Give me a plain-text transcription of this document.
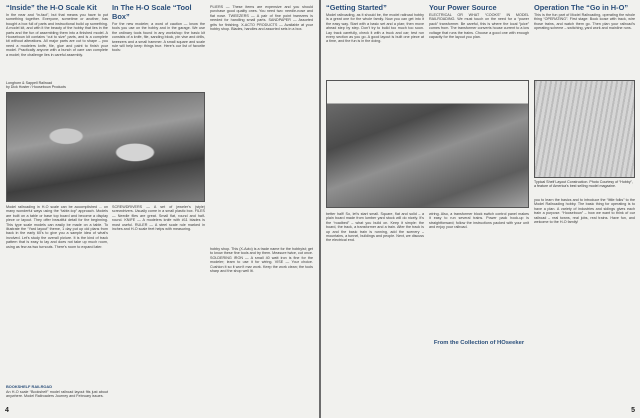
“Inside” the H-O Scale Kit
In the near and “in-fact”, but that means you have to put something together. Everyone, sometime or another, has bought a box full of parts and instructional build up something. A model kit, and with it the beauty of the hobby that lies in the parts and the fun of assembling them into a finished model. A Hooseboun kit contains “cut to size” parts, and is a complete kit without alterations. All major parts are cut to shape – you need a modelers knife, file, glue and paint to finish your model. Practically anyone with a bunch of care can complete a model; the challenge lies in careful assembly.
Longhorn & Sappell Railroad
by Dick Hoster / Hooseboun Products
Model railroading in H-O scale can be accomplished ... on many wonderful ways using the “table-top” approach. Models are built on a table or base top board and become a display piece or layout. They offer beautiful detail for the beginning. This type scale models can easily be made on a table. To illustrate the “Yard layout” theme, 1 day put up old plans from back in the early 60’s to give you a sample idea of what’s involved. Let’s study the overall picture. It is the kind of track pattern that is easy to lay and does not take up much room, using as few as two turnouts. There’s room to expand later.
BOOKSHELF RAILROAD
An H-O scale “Bookshelf” model railroad layout fits just about anywhere. Model Railroaders Journey and February issues.
In The H-O Scale “Tool Box”
For the new modeler, a word of caution — know the tools you use on the hobby and in the garage. We use the ordinary tools found in any workshop: the basic kit consists of a knife, file, sanding block, pin vise and drills, tweezers and a small hammer. A small square and scale rule will help keep things true. Here’s our list of favorite tools:
SCREWDRIVERS — A set of jeweler’s (style) screwdrivers. Usually come in a small plastic box. FILES — Needle files are great. Small flat, round and half-round. KNIFE — A modelers knife with #11 blades is most useful. RULER — A steel scale rule marked in inches and H-O scale feet helps with measuring.
PLIERS — These items are expensive and you should purchase good quality ones. You need two: needle-nose and flat nose. TWEEZERS — A pair of fine point tweezers is needed for handling small parts. SANDPAPER — Assorted grits for finishing. X-ACTO PRODUCTS — Available at your hobby shop. Blades, handles and assorted sets in a box.
hobby shop. This (X-Acto) is a trade name for the hobbyist; get to know these fine tools and try them. Measure twice, cut once. SOLDERING IRON — A small 40 watt iron is fine for the modeler; learn to use it for wiring. VISE — Your choice. Cushion it so it won’t mar work. Keep the work clean; the tools sharp and the shop well lit.
4
“Getting Started”
Model railroading, as it should be, the model railroad hobby is a great one for the whole family. Now you can get into it the easy way. Start with a basic set and a plan; then move ahead step by step. Don’t try to build too much too soon. Lay track carefully, check it with a truck and car; test run every section as you go. A good layout is built one piece at a time, and the fun is in the doing.
Your Power Source
ELECTRICAL OR WHAT “COOKS” IN MODEL RAILROADING. We must touch on the need for a “power pack” transformer. Be careful, this is where the local “juice” comes from. The transformer converts house current to a low voltage that runs the trains. Choose a good one with enough capacity for the layout you plan.
Operation The “Go in H-O”
This is the fun part of Model Railroading, operating the whole thing “OPERATING”. First stage: Book loose with track, wire those trains, and watch them go. Then plan your railroad’s operating scheme – switching, yard work and mainline runs.
Typical Shelf Layout Construction. Photo Courtesy of “Hobby”, a feature of America’s best selling model magazine.
better half! So, let’s start small. Square, flat and solid – a plain board made from lumber yard stock will do nicely. It’s the “roadbed” – what you build on. Keep it simple: the board, the track, a transformer and a train. After the track is up and the basic train is running, add the scenery – mountains, a tunnel, buildings and people. Next, we discuss the electrical end.
wiring. Also, a transformer block switch control panel makes it easy to run several trains. Power pack hook-up is straightforward; follow the instructions packed with your unit and enjoy your railroad.
From the Collection of HOseeker
you to learn the basics and to introduce the “little folks” to the Model Railroading hobby. The basic thing for operating is to have a plan. A variety of industries and sidings gives each train a purpose. “Hooseboun” – how we want to think of our railroad – real towns, real jobs, real trains. Have fun, and welcome to the H-O family!
5
